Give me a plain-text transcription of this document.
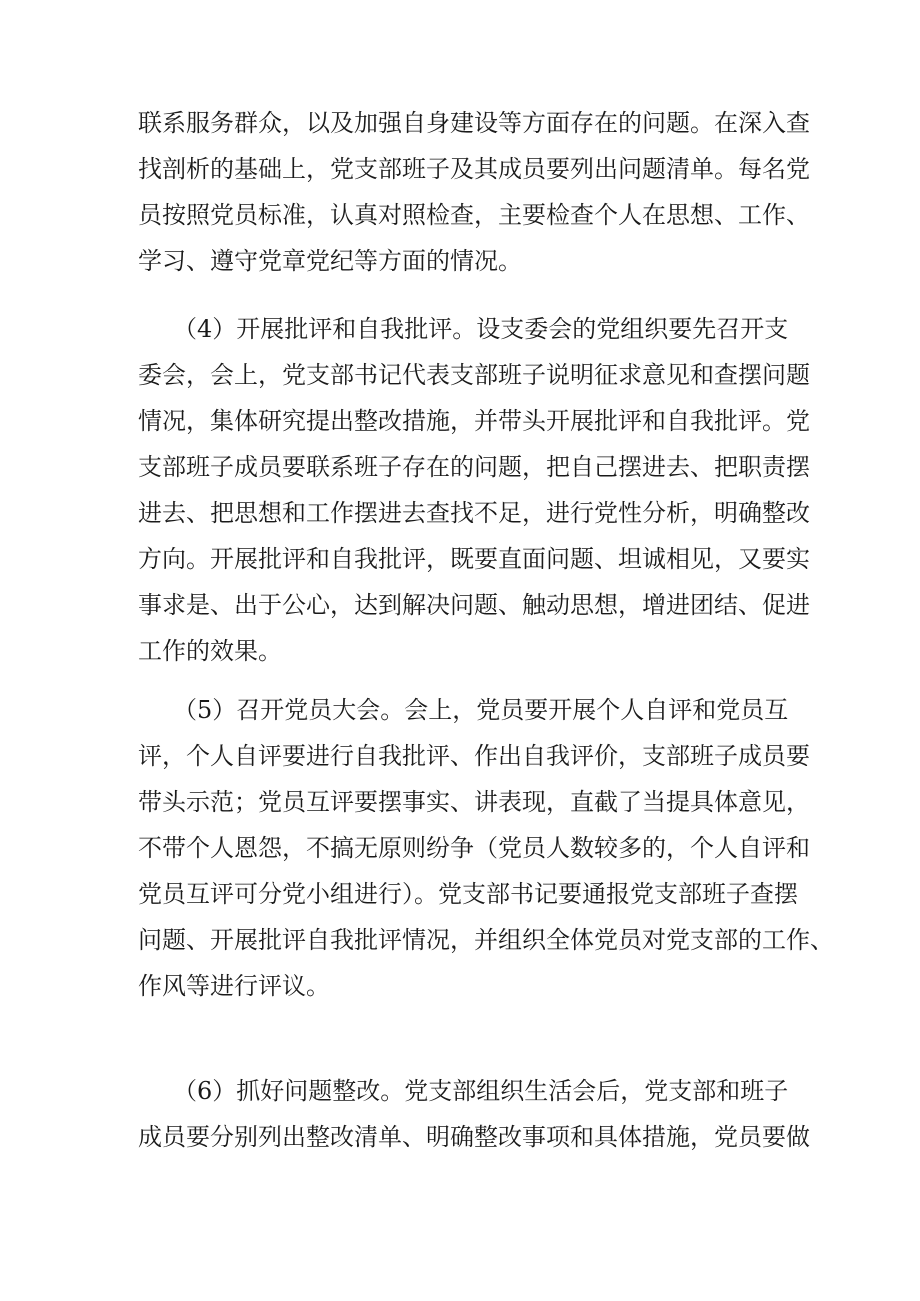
联系服务群众，以及加强自身建设等方面存在的问题。在深入查
找剖析的基础上，党支部班子及其成员要列出问题清单。每名党
员按照党员标准，认真对照检查，主要检查个人在思想、工作、
学习、遵守党章党纪等方面的情况。
（4）开展批评和自我批评。设支委会的党组织要先召开支
委会，会上，党支部书记代表支部班子说明征求意见和查摆问题
情况，集体研究提出整改措施，并带头开展批评和自我批评。党
支部班子成员要联系班子存在的问题，把自己摆进去、把职责摆
进去、把思想和工作摆进去查找不足，进行党性分析，明确整改
方向。开展批评和自我批评，既要直面问题、坦诚相见，又要实
事求是、出于公心，达到解决问题、触动思想，增进团结、促进
工作的效果。
（5）召开党员大会。会上，党员要开展个人自评和党员互
评，个人自评要进行自我批评、作出自我评价，支部班子成员要
带头示范；党员互评要摆事实、讲表现，直截了当提具体意见，
不带个人恩怨，不搞无原则纷争（党员人数较多的，个人自评和
党员互评可分党小组进行）。党支部书记要通报党支部班子查摆
问题、开展批评自我批评情况，并组织全体党员对党支部的工作、
作风等进行评议。
（6）抓好问题整改。党支部组织生活会后，党支部和班子
成员要分别列出整改清单、明确整改事项和具体措施，党员要做
